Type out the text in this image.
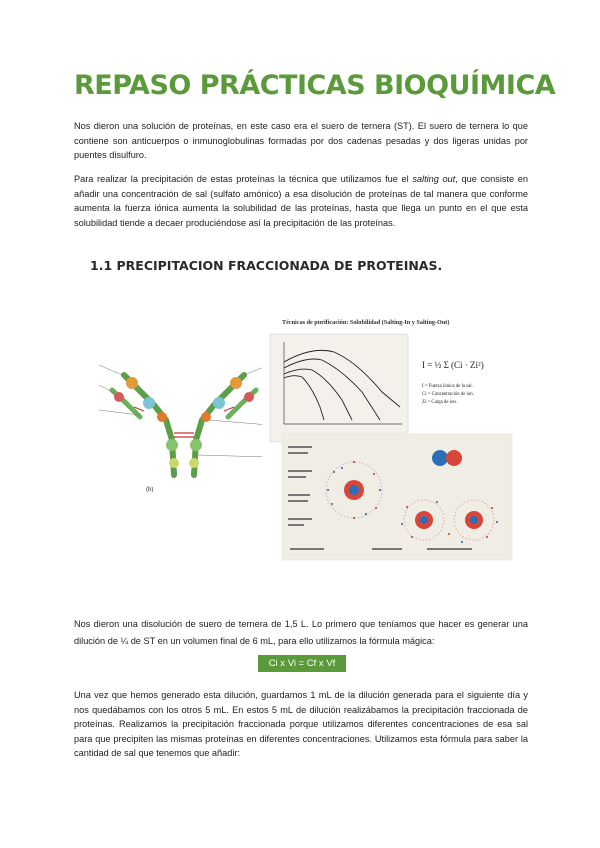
REPASO PRÁCTICAS BIOQUÍMICA

Nos dieron una solución de proteínas, en este caso era el suero de ternera (ST). El suero de ternera lo que contiene son anticuerpos o inmunoglobulinas formadas por dos cadenas pesadas y dos ligeras unidas por puentes disulfuro.

Para realizar la precipitación de estas proteínas la técnica que utilizamos fue el salting out, que consiste en añadir una concentración de sal (sulfato amónico) a esa disolución de proteínas de tal manera que conforme aumenta la fuerza iónica aumenta la solubilidad de las proteínas, hasta que llega un punto en el que esta solubilidad tiende a decaer produciéndose así la precipitación de las proteínas.

1.1 PRECIPITACION FRACCIONADA DE PROTEINAS.
(b)
Técnicas de purificación: Solubilidad (Salting-In y Salting-Out)
I = ½ Σ (Ci · Zi²)
I = Fuerza iónica de la sal.
Ci = Concentración de ion.
Zi = Carga de ion.

Nos dieron una disolución de suero de ternera de 1,5 L. Lo primero que teníamos que hacer es generar una dilución de ¼ de ST en un volumen final de 6 mL, para ello utilizamos la fórmula mágica:

Ci x Vi = Cf x Vf

Una vez que hemos generado esta dilución, guardamos 1 mL de la dilución generada para el siguiente día y nos quedábamos con los otros 5 mL. En estos 5 mL de dilución realizábamos la precipitación fraccionada de proteínas. Realizamos la precipitación fraccionada porque utilizamos diferentes concentraciones de esa sal para que precipiten las mismas proteínas en diferentes concentraciones. Utilizamos esta fórmula para saber la cantidad de sal que tenemos que añadir:
